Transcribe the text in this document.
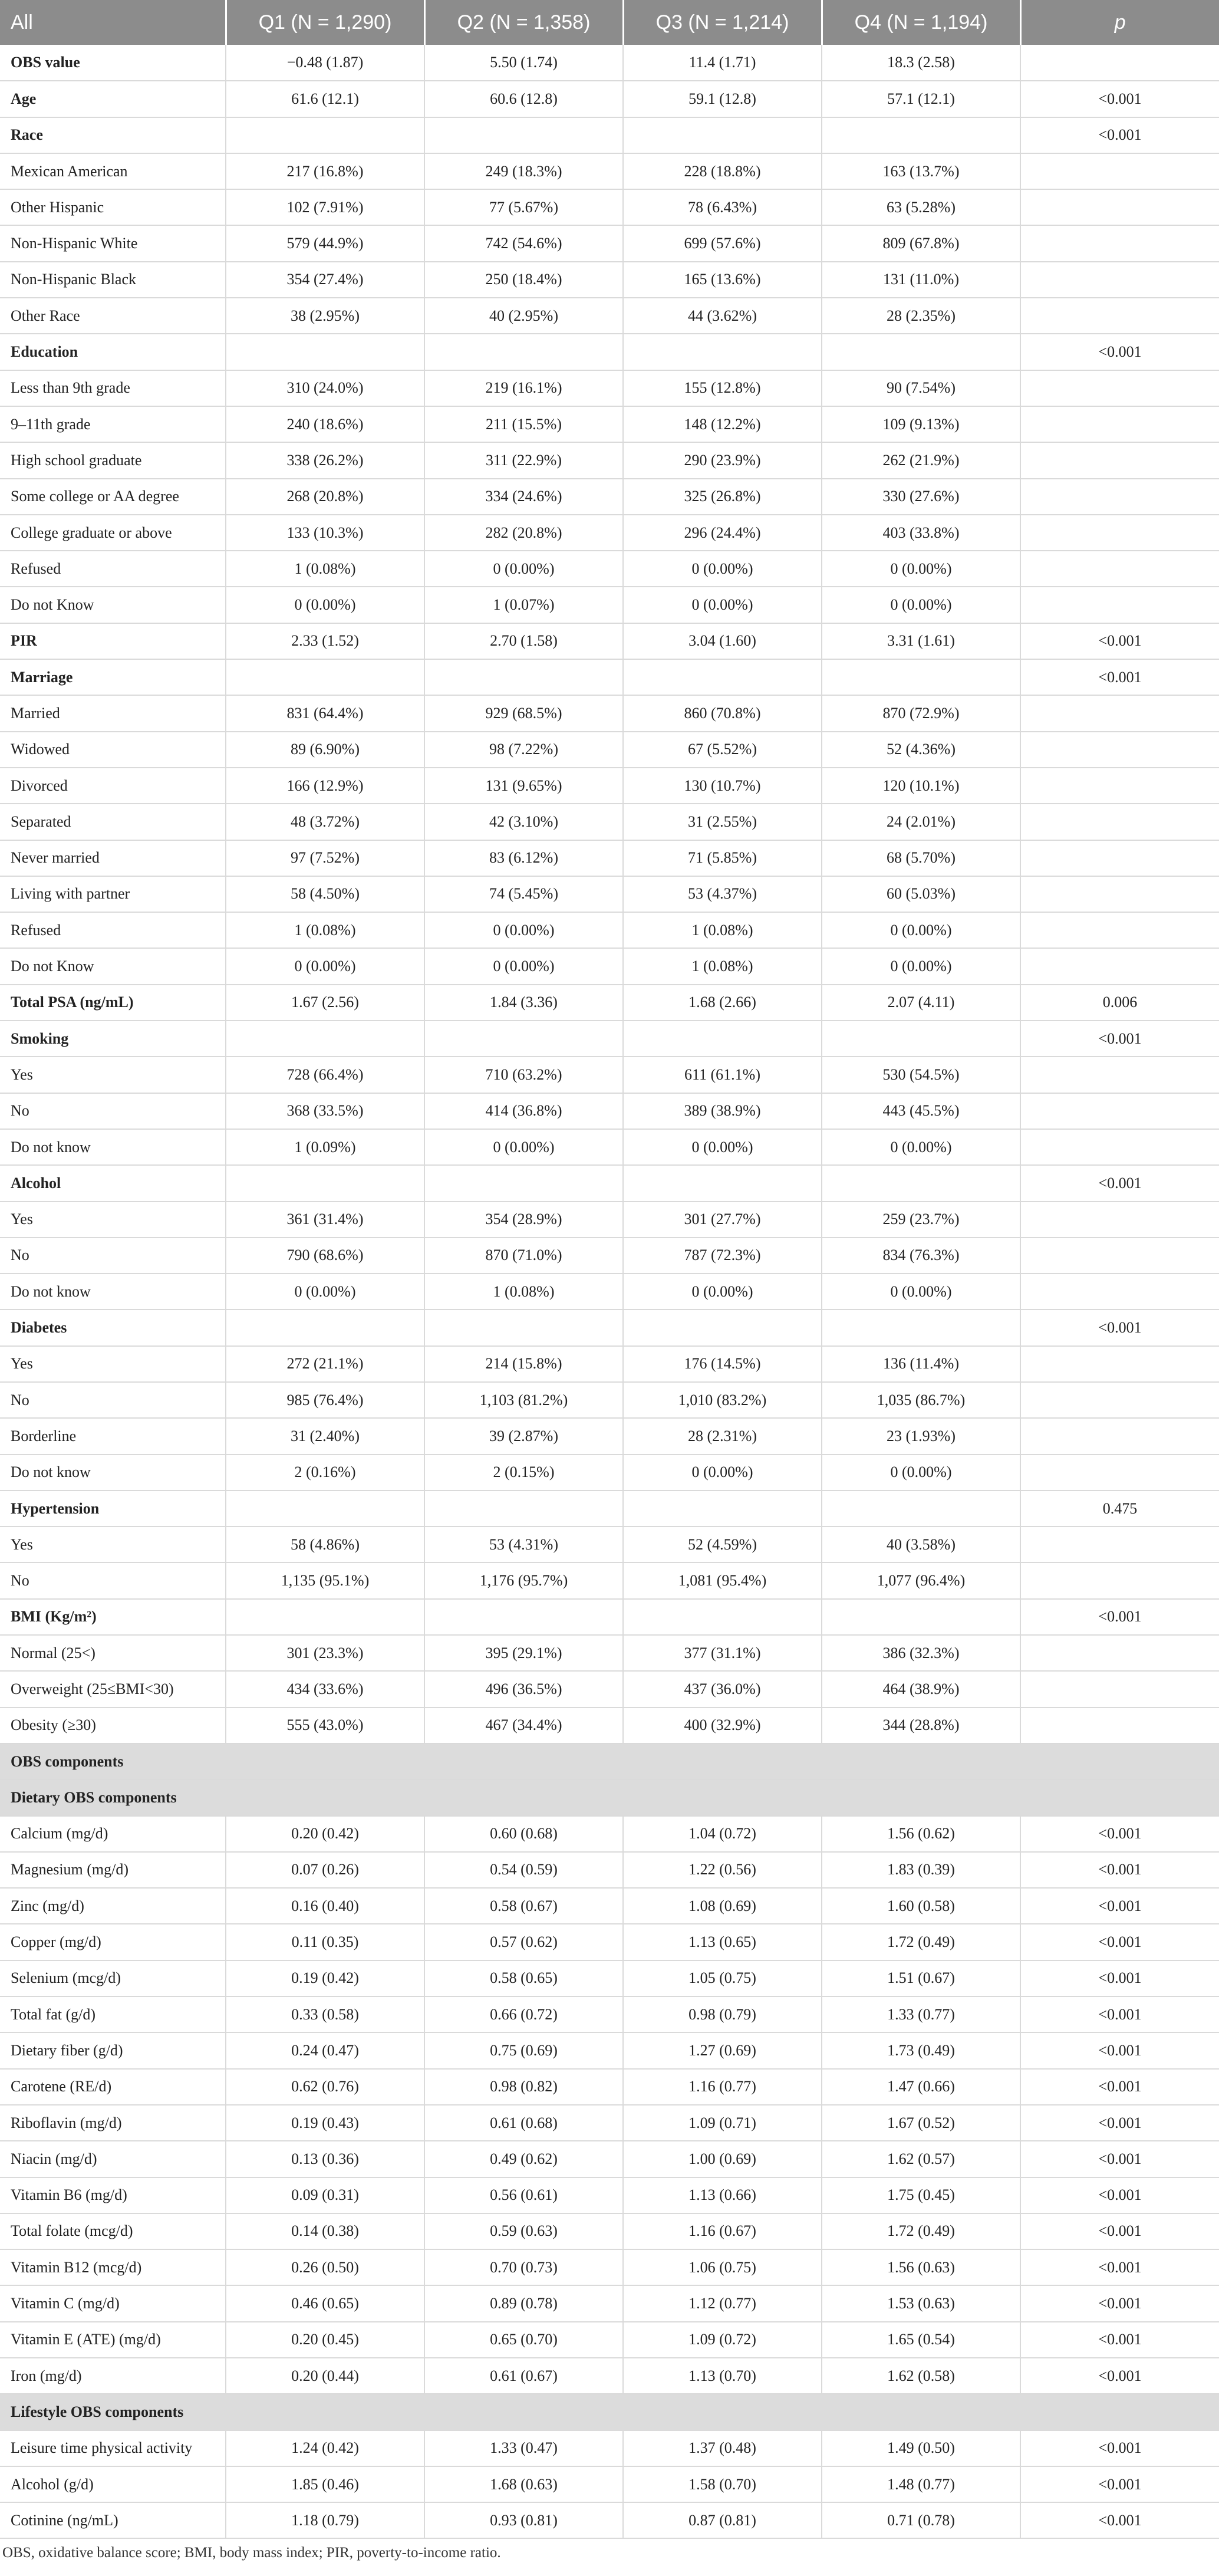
All	Q1 (N = 1,290)	Q2 (N = 1,358)	Q3 (N = 1,214)	Q4 (N = 1,194)	p
OBS value	−0.48 (1.87)	5.50 (1.74)	11.4 (1.71)	18.3 (2.58)	
Age	61.6 (12.1)	60.6 (12.8)	59.1 (12.8)	57.1 (12.1)	<0.001
Race					<0.001
Mexican American	217 (16.8%)	249 (18.3%)	228 (18.8%)	163 (13.7%)	
Other Hispanic	102 (7.91%)	77 (5.67%)	78 (6.43%)	63 (5.28%)	
Non-Hispanic White	579 (44.9%)	742 (54.6%)	699 (57.6%)	809 (67.8%)	
Non-Hispanic Black	354 (27.4%)	250 (18.4%)	165 (13.6%)	131 (11.0%)	
Other Race	38 (2.95%)	40 (2.95%)	44 (3.62%)	28 (2.35%)	
Education					<0.001
Less than 9th grade	310 (24.0%)	219 (16.1%)	155 (12.8%)	90 (7.54%)	
9–11th grade	240 (18.6%)	211 (15.5%)	148 (12.2%)	109 (9.13%)	
High school graduate	338 (26.2%)	311 (22.9%)	290 (23.9%)	262 (21.9%)	
Some college or AA degree	268 (20.8%)	334 (24.6%)	325 (26.8%)	330 (27.6%)	
College graduate or above	133 (10.3%)	282 (20.8%)	296 (24.4%)	403 (33.8%)	
Refused	1 (0.08%)	0 (0.00%)	0 (0.00%)	0 (0.00%)	
Do not Know	0 (0.00%)	1 (0.07%)	0 (0.00%)	0 (0.00%)	
PIR	2.33 (1.52)	2.70 (1.58)	3.04 (1.60)	3.31 (1.61)	<0.001
Marriage					<0.001
Married	831 (64.4%)	929 (68.5%)	860 (70.8%)	870 (72.9%)	
Widowed	89 (6.90%)	98 (7.22%)	67 (5.52%)	52 (4.36%)	
Divorced	166 (12.9%)	131 (9.65%)	130 (10.7%)	120 (10.1%)	
Separated	48 (3.72%)	42 (3.10%)	31 (2.55%)	24 (2.01%)	
Never married	97 (7.52%)	83 (6.12%)	71 (5.85%)	68 (5.70%)	
Living with partner	58 (4.50%)	74 (5.45%)	53 (4.37%)	60 (5.03%)	
Refused	1 (0.08%)	0 (0.00%)	1 (0.08%)	0 (0.00%)	
Do not Know	0 (0.00%)	0 (0.00%)	1 (0.08%)	0 (0.00%)	
Total PSA (ng/mL)	1.67 (2.56)	1.84 (3.36)	1.68 (2.66)	2.07 (4.11)	0.006
Smoking					<0.001
Yes	728 (66.4%)	710 (63.2%)	611 (61.1%)	530 (54.5%)	
No	368 (33.5%)	414 (36.8%)	389 (38.9%)	443 (45.5%)	
Do not know	1 (0.09%)	0 (0.00%)	0 (0.00%)	0 (0.00%)	
Alcohol					<0.001
Yes	361 (31.4%)	354 (28.9%)	301 (27.7%)	259 (23.7%)	
No	790 (68.6%)	870 (71.0%)	787 (72.3%)	834 (76.3%)	
Do not know	0 (0.00%)	1 (0.08%)	0 (0.00%)	0 (0.00%)	
Diabetes					<0.001
Yes	272 (21.1%)	214 (15.8%)	176 (14.5%)	136 (11.4%)	
No	985 (76.4%)	1,103 (81.2%)	1,010 (83.2%)	1,035 (86.7%)	
Borderline	31 (2.40%)	39 (2.87%)	28 (2.31%)	23 (1.93%)	
Do not know	2 (0.16%)	2 (0.15%)	0 (0.00%)	0 (0.00%)	
Hypertension					0.475
Yes	58 (4.86%)	53 (4.31%)	52 (4.59%)	40 (3.58%)	
No	1,135 (95.1%)	1,176 (95.7%)	1,081 (95.4%)	1,077 (96.4%)	
BMI (Kg/m²)					<0.001
Normal (25<)	301 (23.3%)	395 (29.1%)	377 (31.1%)	386 (32.3%)	
Overweight (25≤BMI<30)	434 (33.6%)	496 (36.5%)	437 (36.0%)	464 (38.9%)	
Obesity (≥30)	555 (43.0%)	467 (34.4%)	400 (32.9%)	344 (28.8%)	
OBS components					
Dietary OBS components					
Calcium (mg/d)	0.20 (0.42)	0.60 (0.68)	1.04 (0.72)	1.56 (0.62)	<0.001
Magnesium (mg/d)	0.07 (0.26)	0.54 (0.59)	1.22 (0.56)	1.83 (0.39)	<0.001
Zinc (mg/d)	0.16 (0.40)	0.58 (0.67)	1.08 (0.69)	1.60 (0.58)	<0.001
Copper (mg/d)	0.11 (0.35)	0.57 (0.62)	1.13 (0.65)	1.72 (0.49)	<0.001
Selenium (mcg/d)	0.19 (0.42)	0.58 (0.65)	1.05 (0.75)	1.51 (0.67)	<0.001
Total fat (g/d)	0.33 (0.58)	0.66 (0.72)	0.98 (0.79)	1.33 (0.77)	<0.001
Dietary fiber (g/d)	0.24 (0.47)	0.75 (0.69)	1.27 (0.69)	1.73 (0.49)	<0.001
Carotene (RE/d)	0.62 (0.76)	0.98 (0.82)	1.16 (0.77)	1.47 (0.66)	<0.001
Riboflavin (mg/d)	0.19 (0.43)	0.61 (0.68)	1.09 (0.71)	1.67 (0.52)	<0.001
Niacin (mg/d)	0.13 (0.36)	0.49 (0.62)	1.00 (0.69)	1.62 (0.57)	<0.001
Vitamin B6 (mg/d)	0.09 (0.31)	0.56 (0.61)	1.13 (0.66)	1.75 (0.45)	<0.001
Total folate (mcg/d)	0.14 (0.38)	0.59 (0.63)	1.16 (0.67)	1.72 (0.49)	<0.001
Vitamin B12 (mcg/d)	0.26 (0.50)	0.70 (0.73)	1.06 (0.75)	1.56 (0.63)	<0.001
Vitamin C (mg/d)	0.46 (0.65)	0.89 (0.78)	1.12 (0.77)	1.53 (0.63)	<0.001
Vitamin E (ATE) (mg/d)	0.20 (0.45)	0.65 (0.70)	1.09 (0.72)	1.65 (0.54)	<0.001
Iron (mg/d)	0.20 (0.44)	0.61 (0.67)	1.13 (0.70)	1.62 (0.58)	<0.001
Lifestyle OBS components					
Leisure time physical activity	1.24 (0.42)	1.33 (0.47)	1.37 (0.48)	1.49 (0.50)	<0.001
Alcohol (g/d)	1.85 (0.46)	1.68 (0.63)	1.58 (0.70)	1.48 (0.77)	<0.001
Cotinine (ng/mL)	1.18 (0.79)	0.93 (0.81)	0.87 (0.81)	0.71 (0.78)	<0.001
OBS, oxidative balance score; BMI, body mass index; PIR, poverty-to-income ratio.
